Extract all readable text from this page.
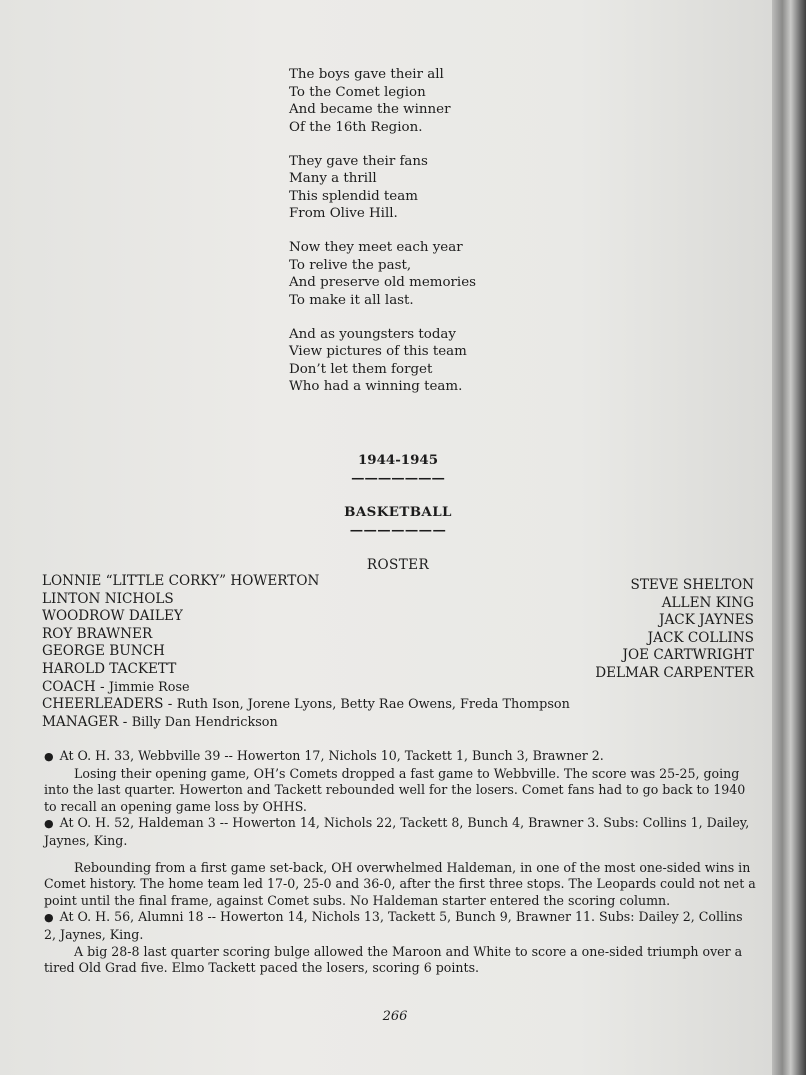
The boys gave their all
To the Comet legion
And became the winner
Of the 16th Region.
They gave their fans
Many a thrill
This splendid team
From Olive Hill.
Now they meet each year
To relive the past,
And preserve old memories
To make it all last.
And as youngsters today
View pictures of this team
Don’t let them forget
Who had a winning team.
1944-1945
———————
BASKETBALL
———————
ROSTER
LONNIE “LITTLE CORKY” HOWERTON
LINTON NICHOLS
WOODROW DAILEY
ROY BRAWNER
GEORGE BUNCH
HAROLD TACKETT
COACH - Jimmie Rose
CHEERLEADERS - Ruth Ison, Jorene Lyons, Betty Rae Owens, Freda Thompson
MANAGER - Billy Dan Hendrickson
STEVE SHELTON
ALLEN KING
JACK JAYNES
JACK COLLINS
JOE CARTWRIGHT
DELMAR CARPENTER
● At O. H. 33, Webbville 39 -- Howerton 17, Nichols 10, Tackett 1, Bunch 3, Brawner 2.
Losing their opening game, OH’s Comets dropped a fast game to Webbville. The score was 25-25, going into the last quarter. Howerton and Tackett rebounded well for the losers. Comet fans had to go back to 1940 to recall an opening game loss by OHHS.
● At O. H. 52, Haldeman 3 -- Howerton 14, Nichols 22, Tackett 8, Bunch 4, Brawner 3. Subs: Collins 1, Dailey, Jaynes, King.
Rebounding from a first game set-back, OH overwhelmed Haldeman, in one of the most one-sided wins in Comet history. The home team led 17-0, 25-0 and 36-0, after the first three stops. The Leopards could not net a point until the final frame, against Comet subs. No Haldeman starter entered the scoring column.
● At O. H. 56, Alumni 18 -- Howerton 14, Nichols 13, Tackett 5, Bunch 9, Brawner 11. Subs: Dailey 2, Collins 2, Jaynes, King.
A big 28-8 last quarter scoring bulge allowed the Maroon and White to score a one-sided triumph over a tired Old Grad five. Elmo Tackett paced the losers, scoring 6 points.
266
